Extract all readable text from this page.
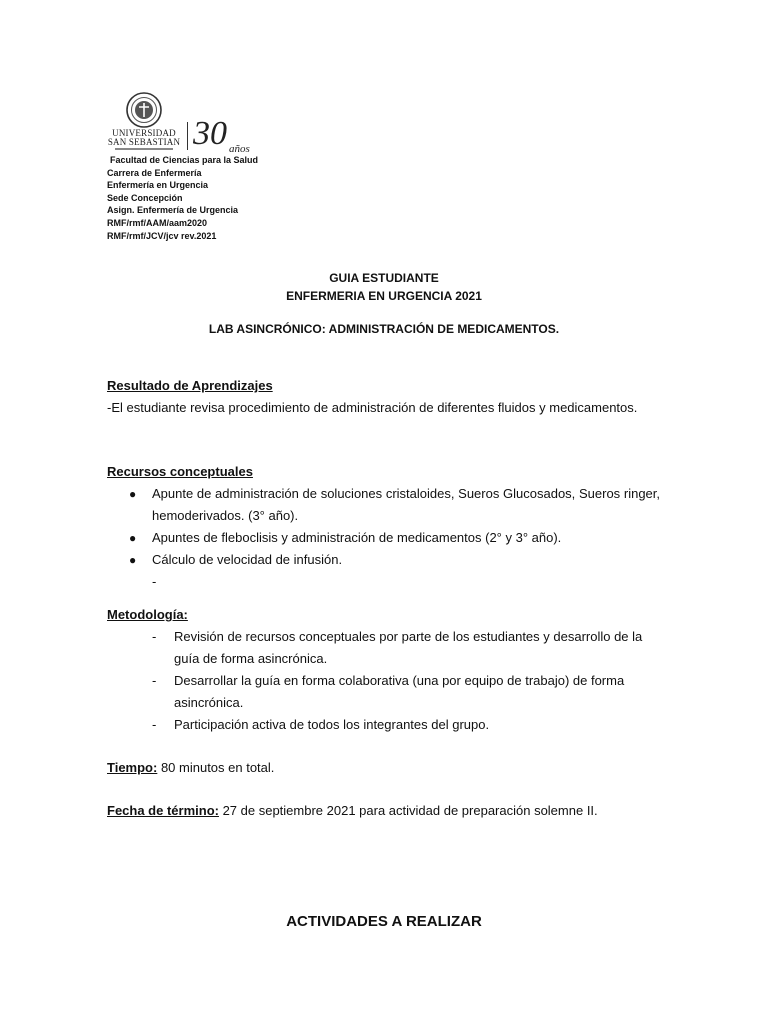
UNIVERSIDAD
SAN SEBASTIAN 30 años
Facultad de Ciencias para la Salud
Carrera de Enfermería
Enfermería en Urgencia
Sede Concepción
Asign. Enfermería de Urgencia
RMF/rmf/AAM/aam2020
RMF/rmf/JCV/jcv rev.2021
GUIA ESTUDIANTE
ENFERMERIA EN URGENCIA 2021
LAB ASINCRÓNICO: ADMINISTRACIÓN DE MEDICAMENTOS.
Resultado de Aprendizajes
-El estudiante revisa procedimiento de administración de diferentes fluidos y medicamentos.
Recursos conceptuales
● Apunte de administración de soluciones cristaloides, Sueros Glucosados, Sueros ringer, hemoderivados. (3° año).
● Apuntes de fleboclisis y administración de medicamentos (2° y 3° año).
● Cálculo de velocidad de infusión.
-
Metodología:
- Revisión de recursos conceptuales por parte de los estudiantes y desarrollo de la guía de forma asincrónica.
- Desarrollar la guía en forma colaborativa (una por equipo de trabajo) de forma asincrónica.
- Participación activa de todos los integrantes del grupo.
Tiempo: 80 minutos en total.
Fecha de término: 27 de septiembre 2021 para actividad de preparación solemne II.
ACTIVIDADES A REALIZAR
